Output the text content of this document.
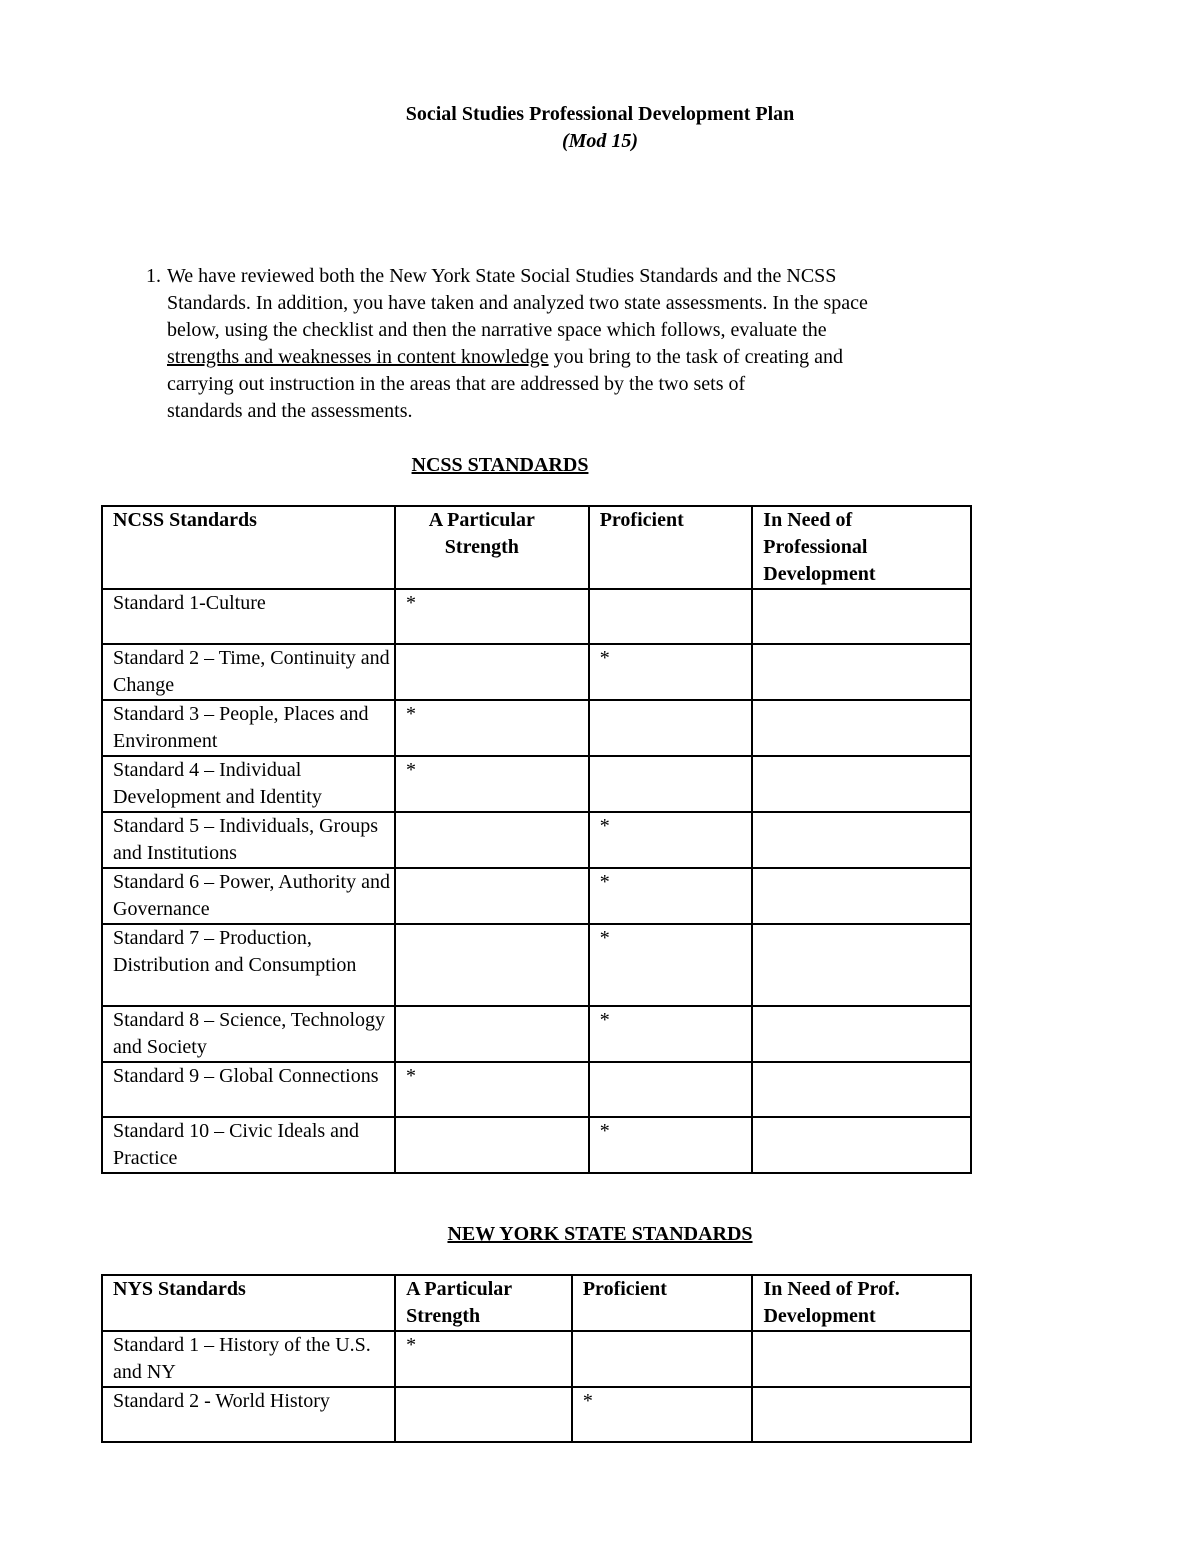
Social Studies Professional Development Plan
(Mod 15)
1. We have reviewed both the New York State Social Studies Standards and the NCSS
Standards. In addition, you have taken and analyzed two state assessments. In the space
below, using the checklist and then the narrative space which follows, evaluate the
strengths and weaknesses in content knowledge you bring to the task of creating and
carrying out instruction in the areas that are addressed by the two sets of
standards and the assessments.
NCSS STANDARDS
NCSS Standards	A Particular Strength	Proficient	In Need of Professional Development
Standard 1-Culture	*		
Standard 2 – Time, Continuity and Change		*	
Standard 3 – People, Places and Environment	*		
Standard 4 – Individual Development and Identity	*		
Standard 5 – Individuals, Groups and Institutions		*	
Standard 6 – Power, Authority and Governance		*	
Standard 7 – Production, Distribution and Consumption		*	
Standard 8 – Science, Technology and Society		*	
Standard 9 – Global Connections	*		
Standard 10 – Civic Ideals and Practice		*	
NEW YORK STATE STANDARDS
NYS Standards	A Particular Strength	Proficient	In Need of Prof. Development
Standard 1 – History of the U.S. and NY	*		
Standard 2 - World History		*	
